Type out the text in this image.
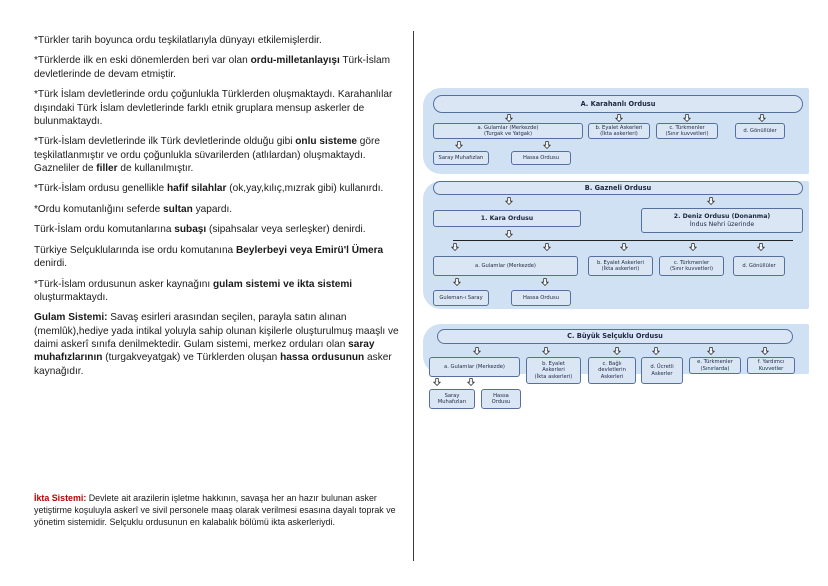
*Türkler tarih boyunca ordu teşkilatlarıyla dünyayı etkilemişlerdir.

*Türklerde ilk en eski dönemlerden beri var olan ordu-milletanlayışı Türk-İslam devletlerinde de devam etmiştir.

*Türk İslam devletlerinde ordu çoğunlukla Türklerden oluşmaktaydı. Karahanlılar dışındaki Türk İslam devletlerinde farklı etnik gruplara mensup askerler de bulunmaktaydı.

*Türk-İslam devletlerinde ilk Türk devletlerinde olduğu gibi onlu sisteme göre teşkilatlanmıştır ve ordu çoğunlukla süvarilerden (atlılardan) oluşmaktaydı. Gazneliler de filler de kullanılmıştır.

*Türk-İslam ordusu genellikle hafif silahlar (ok,yay,kılıç,mızrak gibi) kullanırdı.

*Ordu komutanlığını seferde sultan yapardı.

Türk-İslam ordu komutanlarına subaşı (sipahsalar veya serleşker) denirdi.

Türkiye Selçuklularında ise ordu komutanına Beylerbeyi veya Emirü'l Ümera denirdi.

*Türk-İslam ordusunun asker kaynağını gulam sistemi ve ikta sistemi oluşturmaktaydı.

Gulam Sistemi: Savaş esirleri arasından seçilen, parayla satın alınan (memlûk),hediye yada intikal yoluyla sahip olunan kişilerle oluşturulmuş maaşlı ve daimi askerî sınıfa denilmektedir. Gulam sistemi, merkez orduları olan saray muhafızlarının (turgakveyatgak) ve Türklerden oluşan hassa ordusunun asker kaynağıdır.

İkta Sistemi: Devlete ait arazilerin işletme hakkının, savaşa her an hazır bulunan asker yetiştirme koşuluyla askerî ve sivil personele maaş olarak verilmesi esasına dayalı toprak ve yönetim sistemidir. Selçuklu ordusunun en kalabalık bölümü ikta askerleriydi.

A. Karahanlı Ordusu
a. Gulamlar (Merkezde)
(Turgak ve Yatgak)
b. Eyalet Askerleri
(İkta askerleri)
c. Türkmenler
(Sınır kuvvetleri)
d. Gönüllüler
Saray Muhafızları	Hassa Ordusu
B. Gazneli Ordusu
1. Kara Ordusu	2. Deniz Ordusu (Donanma)
İndus Nehri üzerinde
a. Gulamlar (Merkezde)
b. Eyalet Askerleri
(İkta askerleri)
c. Türkmenler
(Sınır kuvvetleri)
d. Gönüllüler
Guleman-ı Saray	Hassa Ordusu
C. Büyük Selçuklu Ordusu
a. Gulamlar (Merkezde)	b. Eyalet
Askerleri
(İkta askerleri)
c. Bağlı
devletlerin
Askerleri
d. Ücretli
Askerler
e. Türkmenler
(Sınırlarda)
f. Yardımcı
Kuvvetler
Saray
Muhafızları
Hassa
Ordusu
